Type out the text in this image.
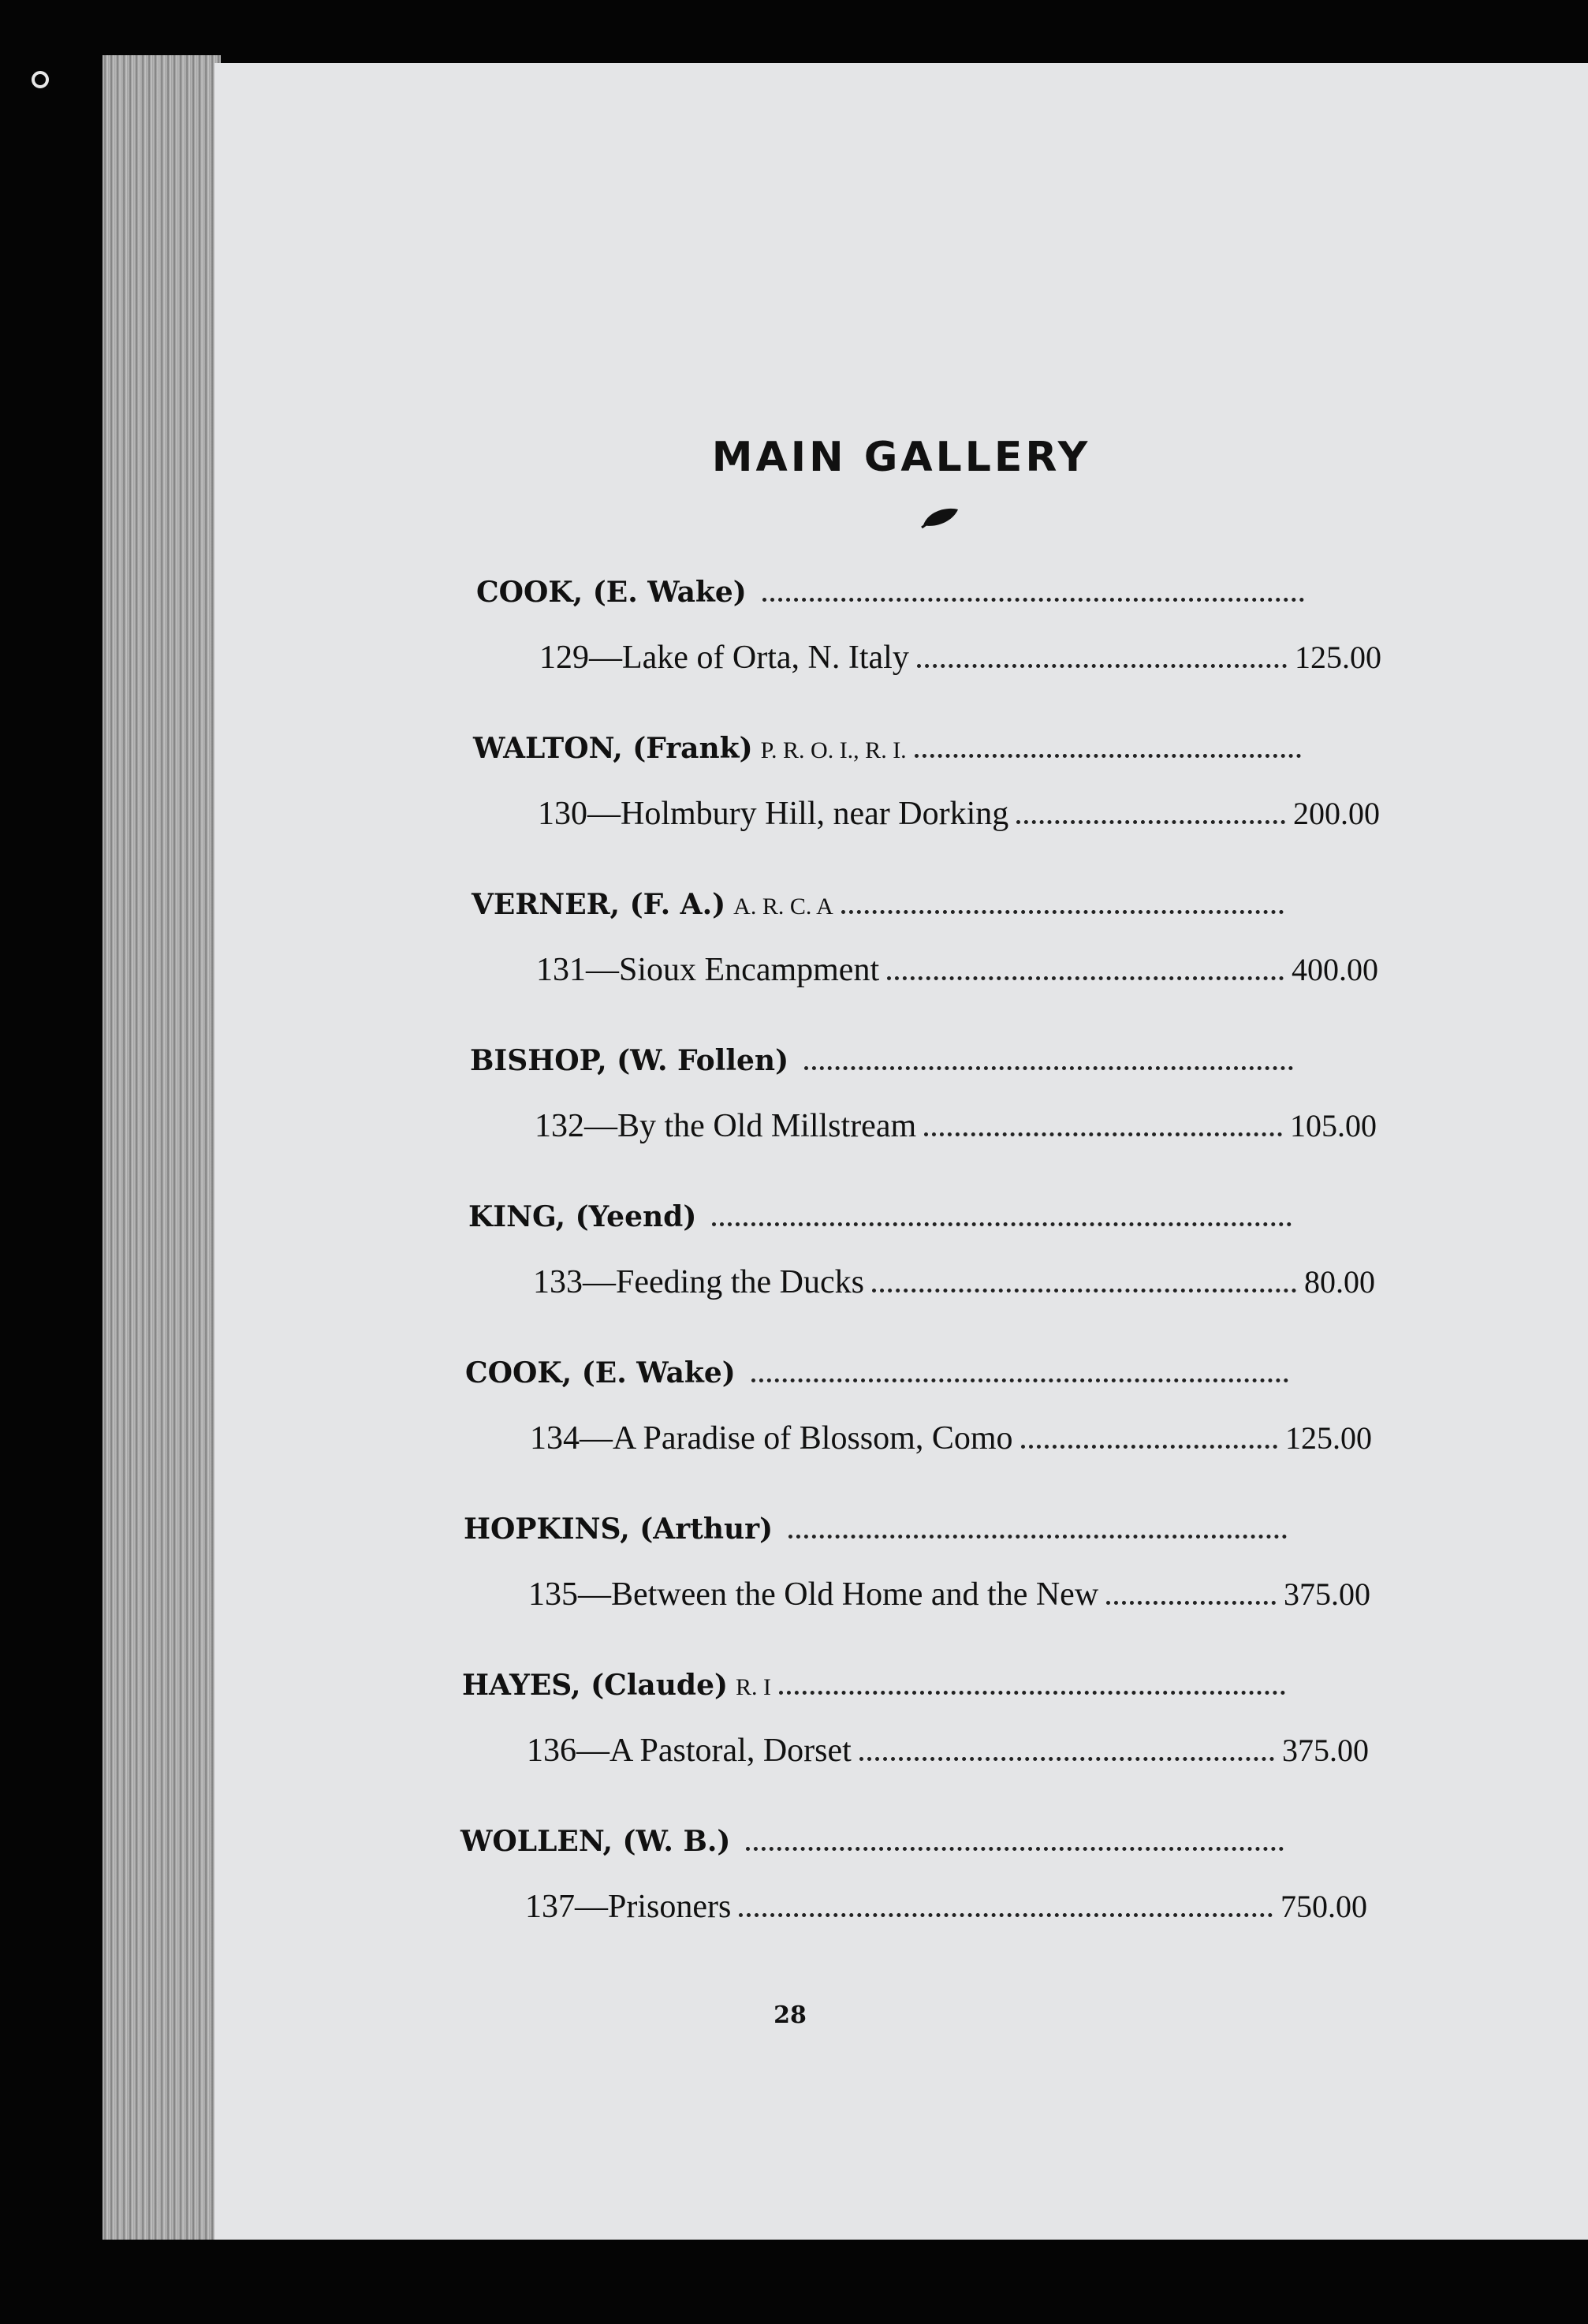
MAIN GALLERY
COOK, (E. Wake)
129—Lake of Orta, N. Italy	125.00
WALTON, (Frank) P. R. O. I., R. I.
130—Holmbury Hill, near Dorking	200.00
VERNER, (F. A.) A. R. C. A
131—Sioux Encampment	400.00
BISHOP, (W. Follen)
132—By the Old Millstream	105.00
KING, (Yeend)
133—Feeding the Ducks	80.00
COOK, (E. Wake)
134—A Paradise of Blossom, Como	125.00
HOPKINS, (Arthur)
135—Between the Old Home and the New	375.00
HAYES, (Claude) R. I
136—A Pastoral, Dorset	375.00
WOLLEN, (W. B.)
137—Prisoners	750.00
28
